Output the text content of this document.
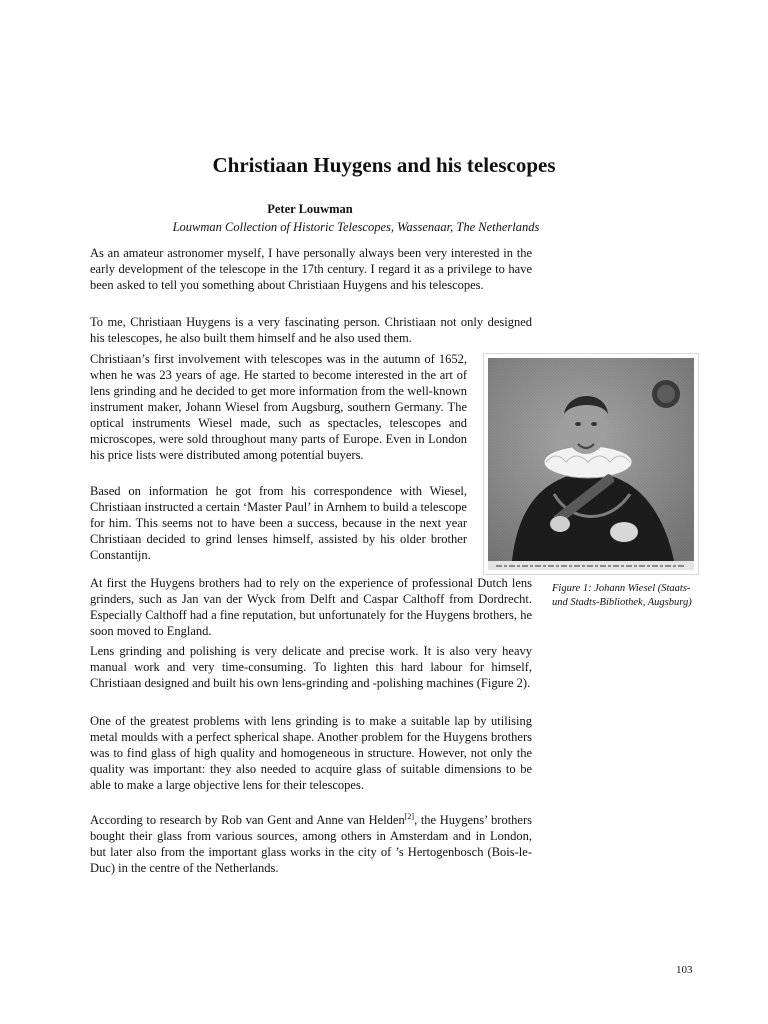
Christiaan Huygens and his telescopes
Peter Louwman
Louwman Collection of Historic Telescopes, Wassenaar, The Netherlands

As an amateur astronomer myself, I have personally always been very interested in the early development of the telescope in the 17th century. I regard it as a privilege to have been asked to tell you something about Christiaan Huygens and his telescopes.

To me, Christiaan Huygens is a very fascinating person. Christiaan not only designed his telescopes, he also built them himself and he also used them.

Christiaan’s first involvement with telescopes was in the autumn of 1652, when he was 23 years of age. He started to become interested in the art of lens grinding and he decided to get more information from the well-known instrument maker, Johann Wiesel from Augsburg, southern Germany. The optical instruments Wiesel made, such as spectacles, telescopes and microscopes, were sold throughout many parts of Europe. Even in London his price lists were distributed among potential buyers.

Based on information he got from his correspondence with Wiesel, Christiaan instructed a certain ‘Master Paul’ in Arnhem to build a telescope for him. This seems not to have been a success, because in the next year Christiaan decided to grind lenses himself, assisted by his older brother Constantijn.

At first the Huygens brothers had to rely on the experience of professional Dutch lens grinders, such as Jan van der Wyck from Delft and Caspar Calthoff from Dordrecht. Especially Calthoff had a fine reputation, but unfortunately for the Huygens brothers, he soon moved to England.

Lens grinding and polishing is very delicate and precise work. It is also very heavy manual work and very time-consuming. To lighten this hard labour for himself, Christiaan designed and built his own lens-grinding and -polishing machines (Figure 2).

One of the greatest problems with lens grinding is to make a suitable lap by utilising metal moulds with a perfect spherical shape. Another problem for the Huygens brothers was to find glass of high quality and homogeneous in structure. However, not only the quality was important: they also needed to acquire glass of suitable dimensions to be able to make a large objective lens for their telescopes.

According to research by Rob van Gent and Anne van Helden[2], the Huygens’ brothers bought their glass from various sources, among others in Amsterdam and in London, but later also from the important glass works in the city of ’s Hertogenbosch (Bois-le-Duc) in the centre of the Netherlands.

Figure 1: Johann Wiesel (Staats- und Stadts-Bibliothek, Augsburg)

103
